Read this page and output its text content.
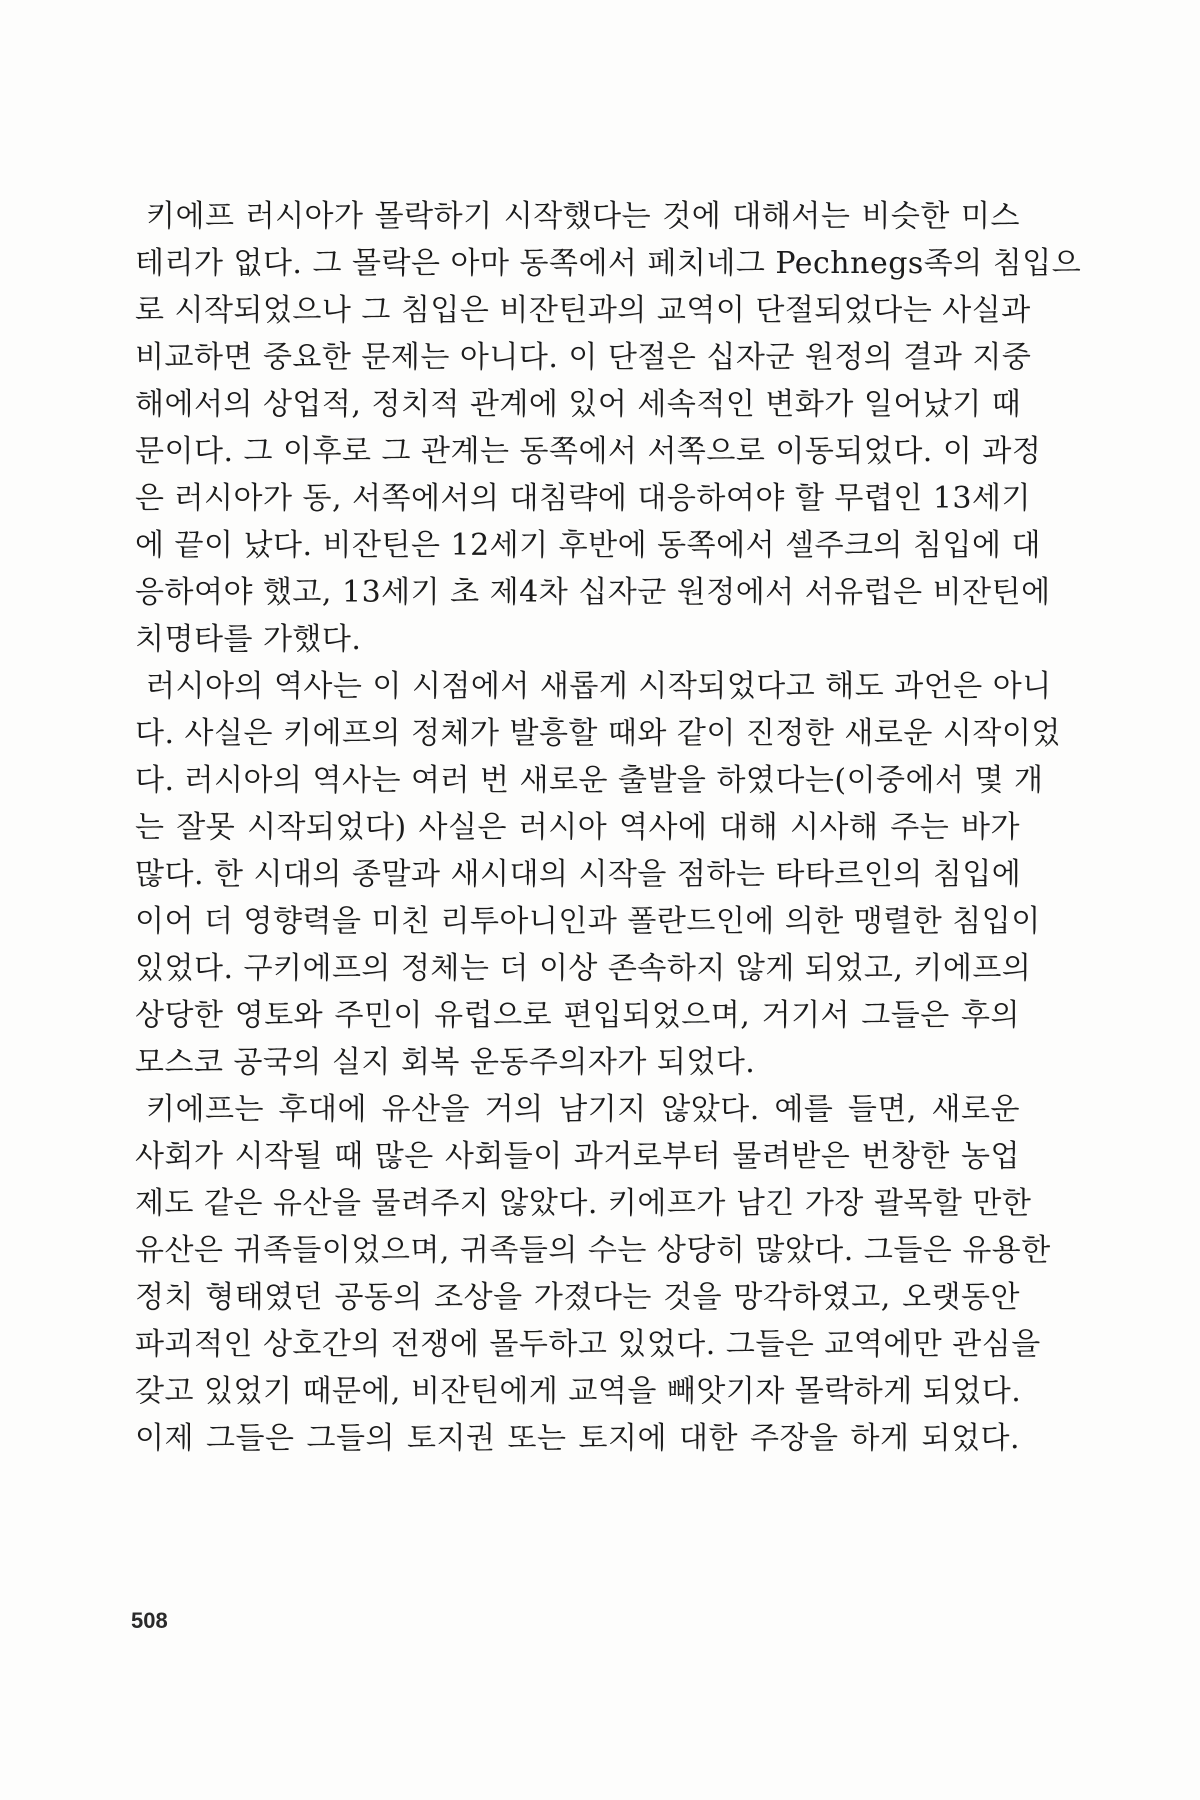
키에프 러시아가 몰락하기 시작했다는 것에 대해서는 비슷한 미스
테리가 없다. 그 몰락은 아마 동쪽에서 페치네그 Pechnegs족의 침입으
로 시작되었으나 그 침입은 비잔틴과의 교역이 단절되었다는 사실과
비교하면 중요한 문제는 아니다. 이 단절은 십자군 원정의 결과 지중
해에서의 상업적, 정치적 관계에 있어 세속적인 변화가 일어났기 때
문이다. 그 이후로 그 관계는 동쪽에서 서쪽으로 이동되었다. 이 과정
은 러시아가 동, 서쪽에서의 대침략에 대응하여야 할 무렵인 13세기
에 끝이 났다. 비잔틴은 12세기 후반에 동쪽에서 셀주크의 침입에 대
응하여야 했고, 13세기 초 제4차 십자군 원정에서 서유럽은 비잔틴에
치명타를 가했다.
러시아의 역사는 이 시점에서 새롭게 시작되었다고 해도 과언은 아니
다. 사실은 키에프의 정체가 발흥할 때와 같이 진정한 새로운 시작이었
다. 러시아의 역사는 여러 번 새로운 출발을 하였다는(이중에서 몇 개
는 잘못 시작되었다) 사실은 러시아 역사에 대해 시사해 주는 바가
많다. 한 시대의 종말과 새시대의 시작을 점하는 타타르인의 침입에
이어 더 영향력을 미친 리투아니인과 폴란드인에 의한 맹렬한 침입이
있었다. 구키에프의 정체는 더 이상 존속하지 않게 되었고, 키에프의
상당한 영토와 주민이 유럽으로 편입되었으며, 거기서 그들은 후의
모스코 공국의 실지 회복 운동주의자가 되었다.
키에프는 후대에 유산을 거의 남기지 않았다. 예를 들면, 새로운
사회가 시작될 때 많은 사회들이 과거로부터 물려받은 번창한 농업
제도 같은 유산을 물려주지 않았다. 키에프가 남긴 가장 괄목할 만한
유산은 귀족들이었으며, 귀족들의 수는 상당히 많았다. 그들은 유용한
정치 형태였던 공동의 조상을 가졌다는 것을 망각하였고, 오랫동안
파괴적인 상호간의 전쟁에 몰두하고 있었다. 그들은 교역에만 관심을
갖고 있었기 때문에, 비잔틴에게 교역을 빼앗기자 몰락하게 되었다.
이제 그들은 그들의 토지권 또는 토지에 대한 주장을 하게 되었다.
508
